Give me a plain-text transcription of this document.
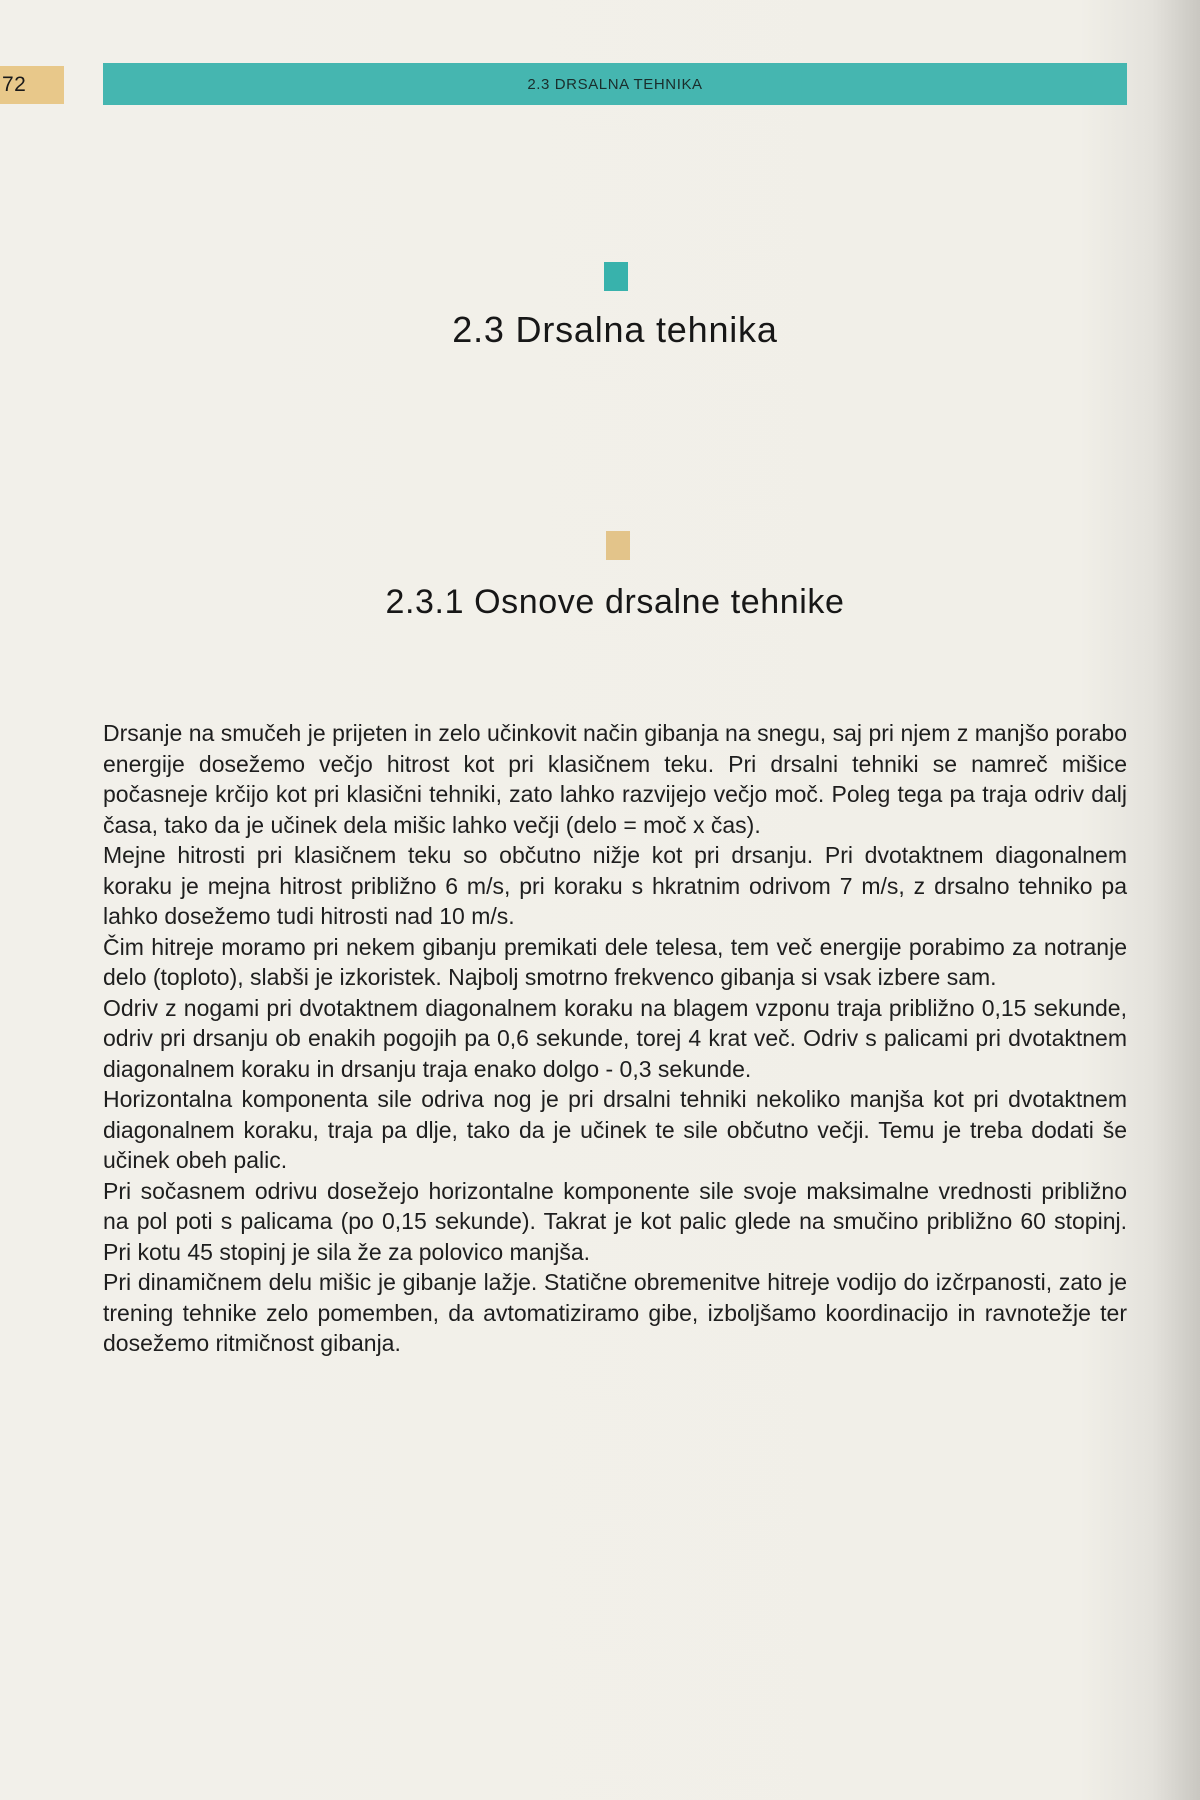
72	2.3 DRSALNA TEHNIKA
2.3 Drsalna tehnika
2.3.1 Osnove drsalne tehnike

Drsanje na smučeh je prijeten in zelo učinkovit način gibanja na snegu, saj pri njem z manjšo porabo energije dosežemo večjo hitrost kot pri klasičnem teku. Pri drsalni tehniki se namreč mišice počasneje krčijo kot pri klasični tehniki, zato lahko razvijejo večjo moč. Poleg tega pa traja odriv dalj časa, tako da je učinek dela mišic lahko večji (delo = moč x čas).

Mejne hitrosti pri klasičnem teku so občutno nižje kot pri drsanju. Pri dvotaktnem diagonalnem koraku je mejna hitrost približno 6 m/s, pri koraku s hkratnim odrivom 7 m/s, z drsalno tehniko pa lahko dosežemo tudi hitrosti nad 10 m/s.

Čim hitreje moramo pri nekem gibanju premikati dele telesa, tem več energije porabimo za notranje delo (toploto), slabši je izkoristek. Najbolj smotrno frekvenco gibanja si vsak izbere sam.

Odriv z nogami pri dvotaktnem diagonalnem koraku na blagem vzponu traja približno 0,15 sekunde, odriv pri drsanju ob enakih pogojih pa 0,6 sekunde, torej 4 krat več. Odriv s palicami pri dvotaktnem diagonalnem koraku in drsanju traja enako dolgo - 0,3 sekunde.

Horizontalna komponenta sile odriva nog je pri drsalni tehniki nekoliko manjša kot pri dvotaktnem diagonalnem koraku, traja pa dlje, tako da je učinek te sile občutno večji. Temu je treba dodati še učinek obeh palic.

Pri sočasnem odrivu dosežejo horizontalne komponente sile svoje maksimalne vrednosti približno na pol poti s palicama (po 0,15 sekunde). Takrat je kot palic glede na smučino približno 60 stopinj. Pri kotu 45 stopinj je sila že za polovico manjša.

Pri dinamičnem delu mišic je gibanje lažje. Statične obremenitve hitreje vodijo do izčrpanosti, zato je trening tehnike zelo pomemben, da avtomatiziramo gibe, izboljšamo koordinacijo in ravnotežje ter dosežemo ritmičnost gibanja.
